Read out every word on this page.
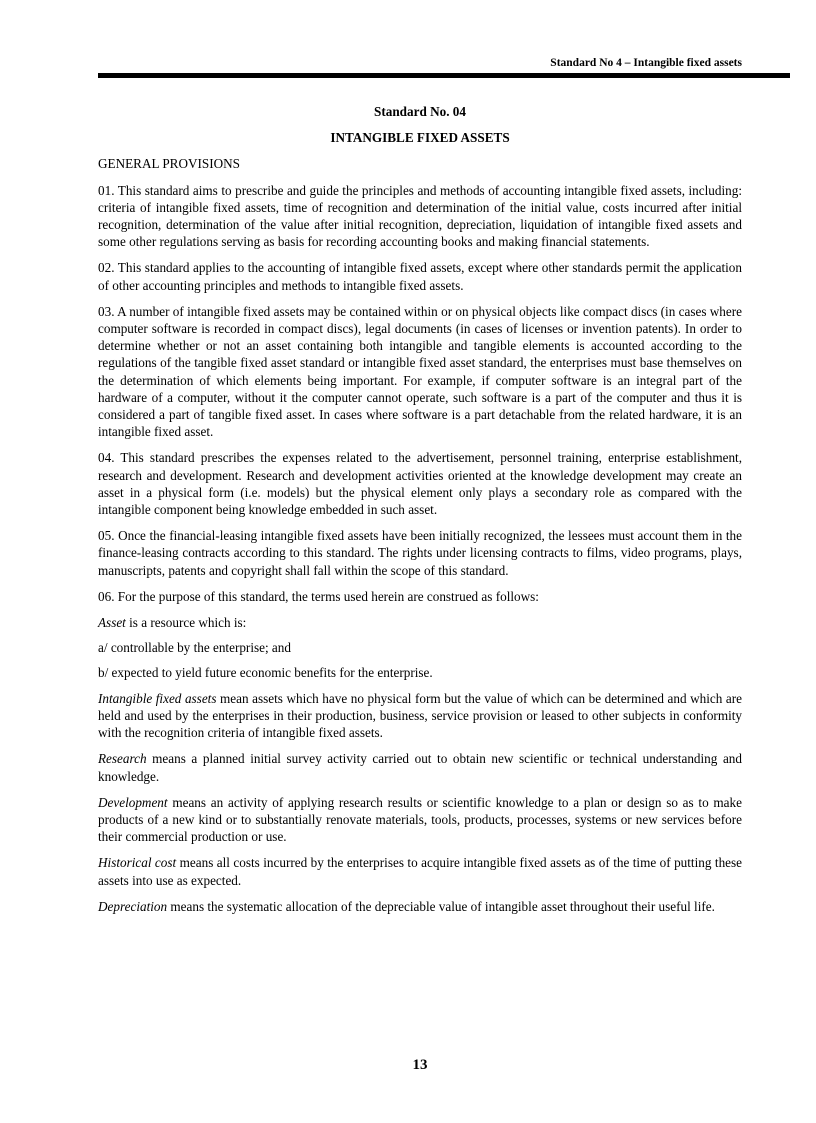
Standard No 4 – Intangible fixed assets
Standard No. 04
INTANGIBLE FIXED ASSETS
GENERAL PROVISIONS
01. This standard aims to prescribe and guide the principles and methods of accounting intangible fixed assets, including: criteria of intangible fixed assets, time of recognition and determination of the initial value, costs incurred after initial recognition, determination of the value after initial recognition, depreciation, liquidation of intangible fixed assets and some other regulations serving as basis for recording accounting books and making financial statements.
02. This standard applies to the accounting of intangible fixed assets, except where other standards permit the application of other accounting principles and methods to intangible fixed assets.
03. A number of intangible fixed assets may be contained within or on physical objects like compact discs (in cases where computer software is recorded in compact discs), legal documents (in cases of licenses or invention patents). In order to determine whether or not an asset containing both intangible and tangible elements is accounted according to the regulations of the tangible fixed asset standard or intangible fixed asset standard, the enterprises must base themselves on the determination of which elements being important. For example, if computer software is an integral part of the hardware of a computer, without it the computer cannot operate, such software is a part of the computer and thus it is considered a part of tangible fixed asset. In cases where software is a part detachable from the related hardware, it is an intangible fixed asset.
04. This standard prescribes the expenses related to the advertisement, personnel training, enterprise establishment, research and development. Research and development activities oriented at the knowledge development may create an asset in a physical form (i.e. models) but the physical element only plays a secondary role as compared with the intangible component being knowledge embedded in such asset.
05. Once the financial-leasing intangible fixed assets have been initially recognized, the lessees must account them in the finance-leasing contracts according to this standard. The rights under licensing contracts to films, video programs, plays, manuscripts, patents and copyright shall fall within the scope of this standard.
06. For the purpose of this standard, the terms used herein are construed as follows:
Asset is a resource which is:
a/ controllable by the enterprise; and
b/ expected to yield future economic benefits for the enterprise.
Intangible fixed assets mean assets which have no physical form but the value of which can be determined and which are held and used by the enterprises in their production, business, service provision or leased to other subjects in conformity with the recognition criteria of intangible fixed assets.
Research means a planned initial survey activity carried out to obtain new scientific or technical understanding and knowledge.
Development means an activity of applying research results or scientific knowledge to a plan or design so as to make products of a new kind or to substantially renovate materials, tools, products, processes, systems or new services before their commercial production or use.
Historical cost means all costs incurred by the enterprises to acquire intangible fixed assets as of the time of putting these assets into use as expected.
Depreciation means the systematic allocation of the depreciable value of intangible asset throughout their useful life.
13
